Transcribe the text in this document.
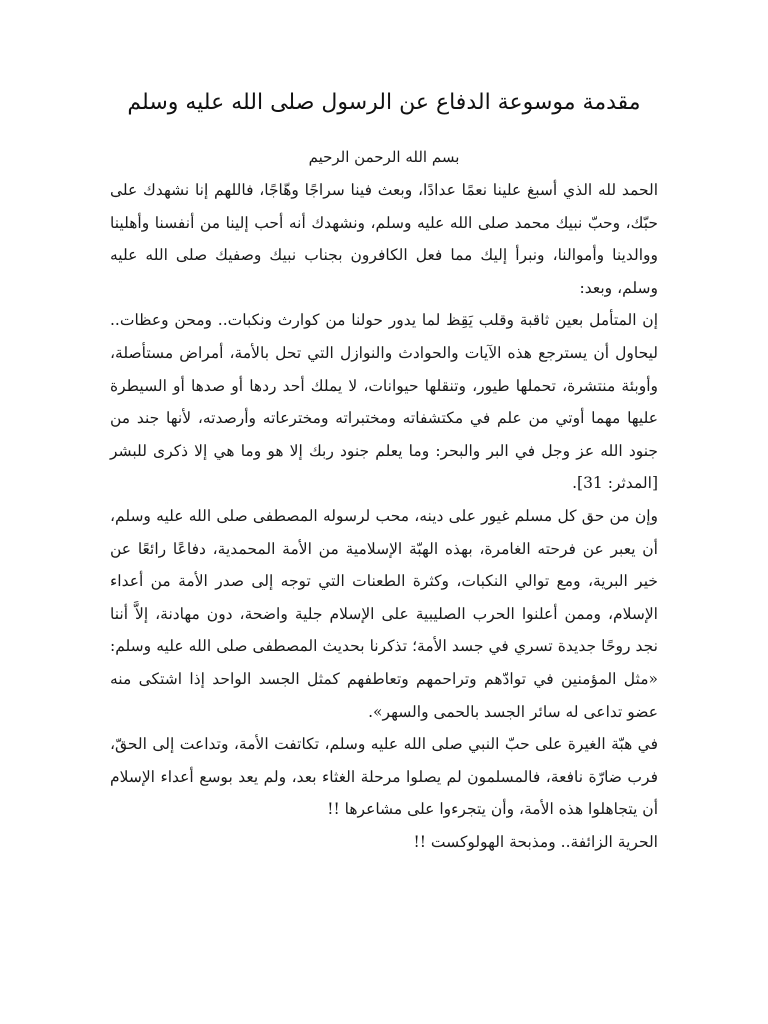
مقدمة موسوعة الدفاع عن الرسول صلى الله عليه وسلم

بسم الله الرحمن الرحيم

الحمد لله الذي أسبغ علينا نعمًا عدادًا، وبعث فينا سراجًا وهّاجًا، فاللهم إنا نشهدك على حبّك، وحبّ نبيك محمد صلى الله عليه وسلم، ونشهدك أنه أحب إلينا من أنفسنا وأهلينا ووالدينا وأموالنا، ونبرأ إليك مما فعل الكافرون بجناب نبيك وصفيك صلى الله عليه وسلم، وبعد:

إن المتأمل بعين ثاقبة وقلب يَقِظ لما يدور حولنا من كوارث ونكبات.. ومحن وعظات.. ليحاول أن يسترجع هذه الآيات والحوادث والنوازل التي تحل بالأمة، أمراض مستأصلة، وأوبئة منتشرة، تحملها طيور، وتنقلها حيوانات، لا يملك أحد ردها أو صدها أو السيطرة عليها مهما أوتي من علم في مكتشفاته ومختبراته ومخترعاته وأرصدته، لأنها جند من جنود الله عز وجل في البر والبحر: وما يعلم جنود ربك إلا هو وما هي إلا ذكرى للبشر [المدثر: 31].

وإن من حق كل مسلم غيور على دينه، محب لرسوله المصطفى صلى الله عليه وسلم، أن يعبر عن فرحته الغامرة، بهذه الهبّة الإسلامية من الأمة المحمدية، دفاعًا رائعًا عن خير البرية، ومع توالي النكبات، وكثرة الطعنات التي توجه إلى صدر الأمة من أعداء الإسلام، وممن أعلنوا الحرب الصليبية على الإسلام جلية واضحة، دون مهادنة، إلاَّ أننا نجد روحًا جديدة تسري في جسد الأمة؛ تذكرنا بحديث المصطفى صلى الله عليه وسلم: «مثل المؤمنين في توادّهم وتراحمهم وتعاطفهم كمثل الجسد الواحد إذا اشتكى منه عضو تداعى له سائر الجسد بالحمى والسهر».

في هبّة الغيرة على حبّ النبي صلى الله عليه وسلم، تكاتفت الأمة، وتداعت إلى الحقّ، فرب ضارّة نافعة، فالمسلمون لم يصلوا مرحلة الغثاء بعد، ولم يعد بوسع أعداء الإسلام أن يتجاهلوا هذه الأمة، وأن يتجرءوا على مشاعرها !!

الحرية الزائفة.. ومذبحة الهولوكست !!
